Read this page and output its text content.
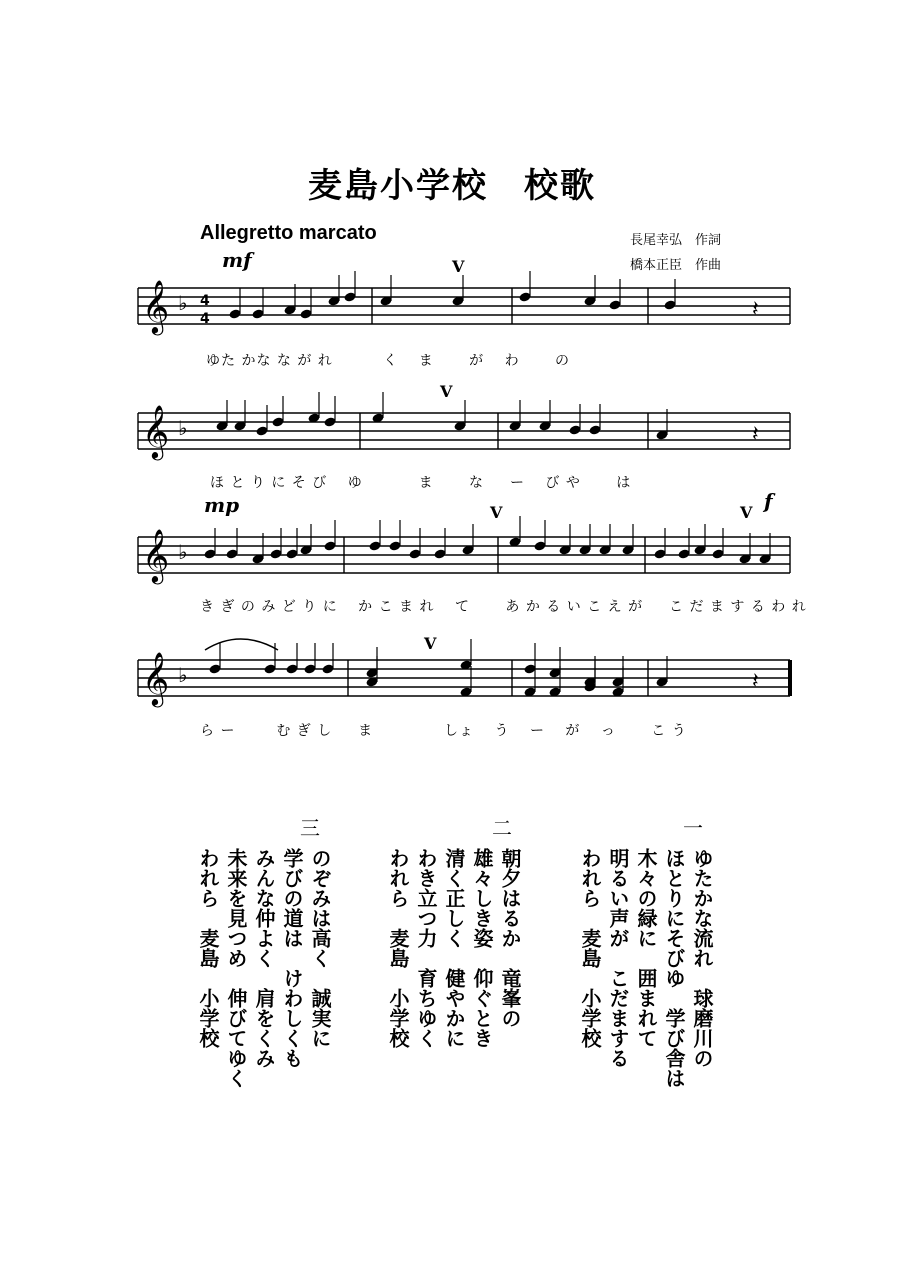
麦島小学校　校歌
Allegretto marcato	長尾幸弘　作詞
橋本正臣　作曲
𝄞 ♭ 4
4	𝄽
𝄞 ♭	𝄽
𝄞 ♭
𝄞 ♭	𝄽
mf
mp	f
V
V
V	V
V
ゆた かな な が れ　　　 く 　ま 　　が 　わ 　　の
ほ と り に そ び 　ゆ 　　　 ま 　　な 　 ー 　び や 　　は
き ぎ の み ど り に 　か こ ま れ 　て 　　あ か る い こ え が 　 こ だ ま す る わ れ
ら ー 　　 む ぎ し 　 ま 　　　　 しょ 　う 　ー 　が 　っ 　　こ う
一
ゆたかな流れ　球磨川の
ほとりにそびゆ　学び舎は
木々の緑に　囲まれて
明るい声が　こだまする
われら　麦島　小学校
二
朝夕はるか　竜峯の
雄々しき姿　仰ぐとき
清く正しく　健やかに
わき立つ力　育ちゆく
われら　麦島　小学校
三
のぞみは高く　誠実に
学びの道は　けわしくも
みんな仲よく　肩をくみ
未来を見つめ　伸びてゆく
われら　麦島　小学校
